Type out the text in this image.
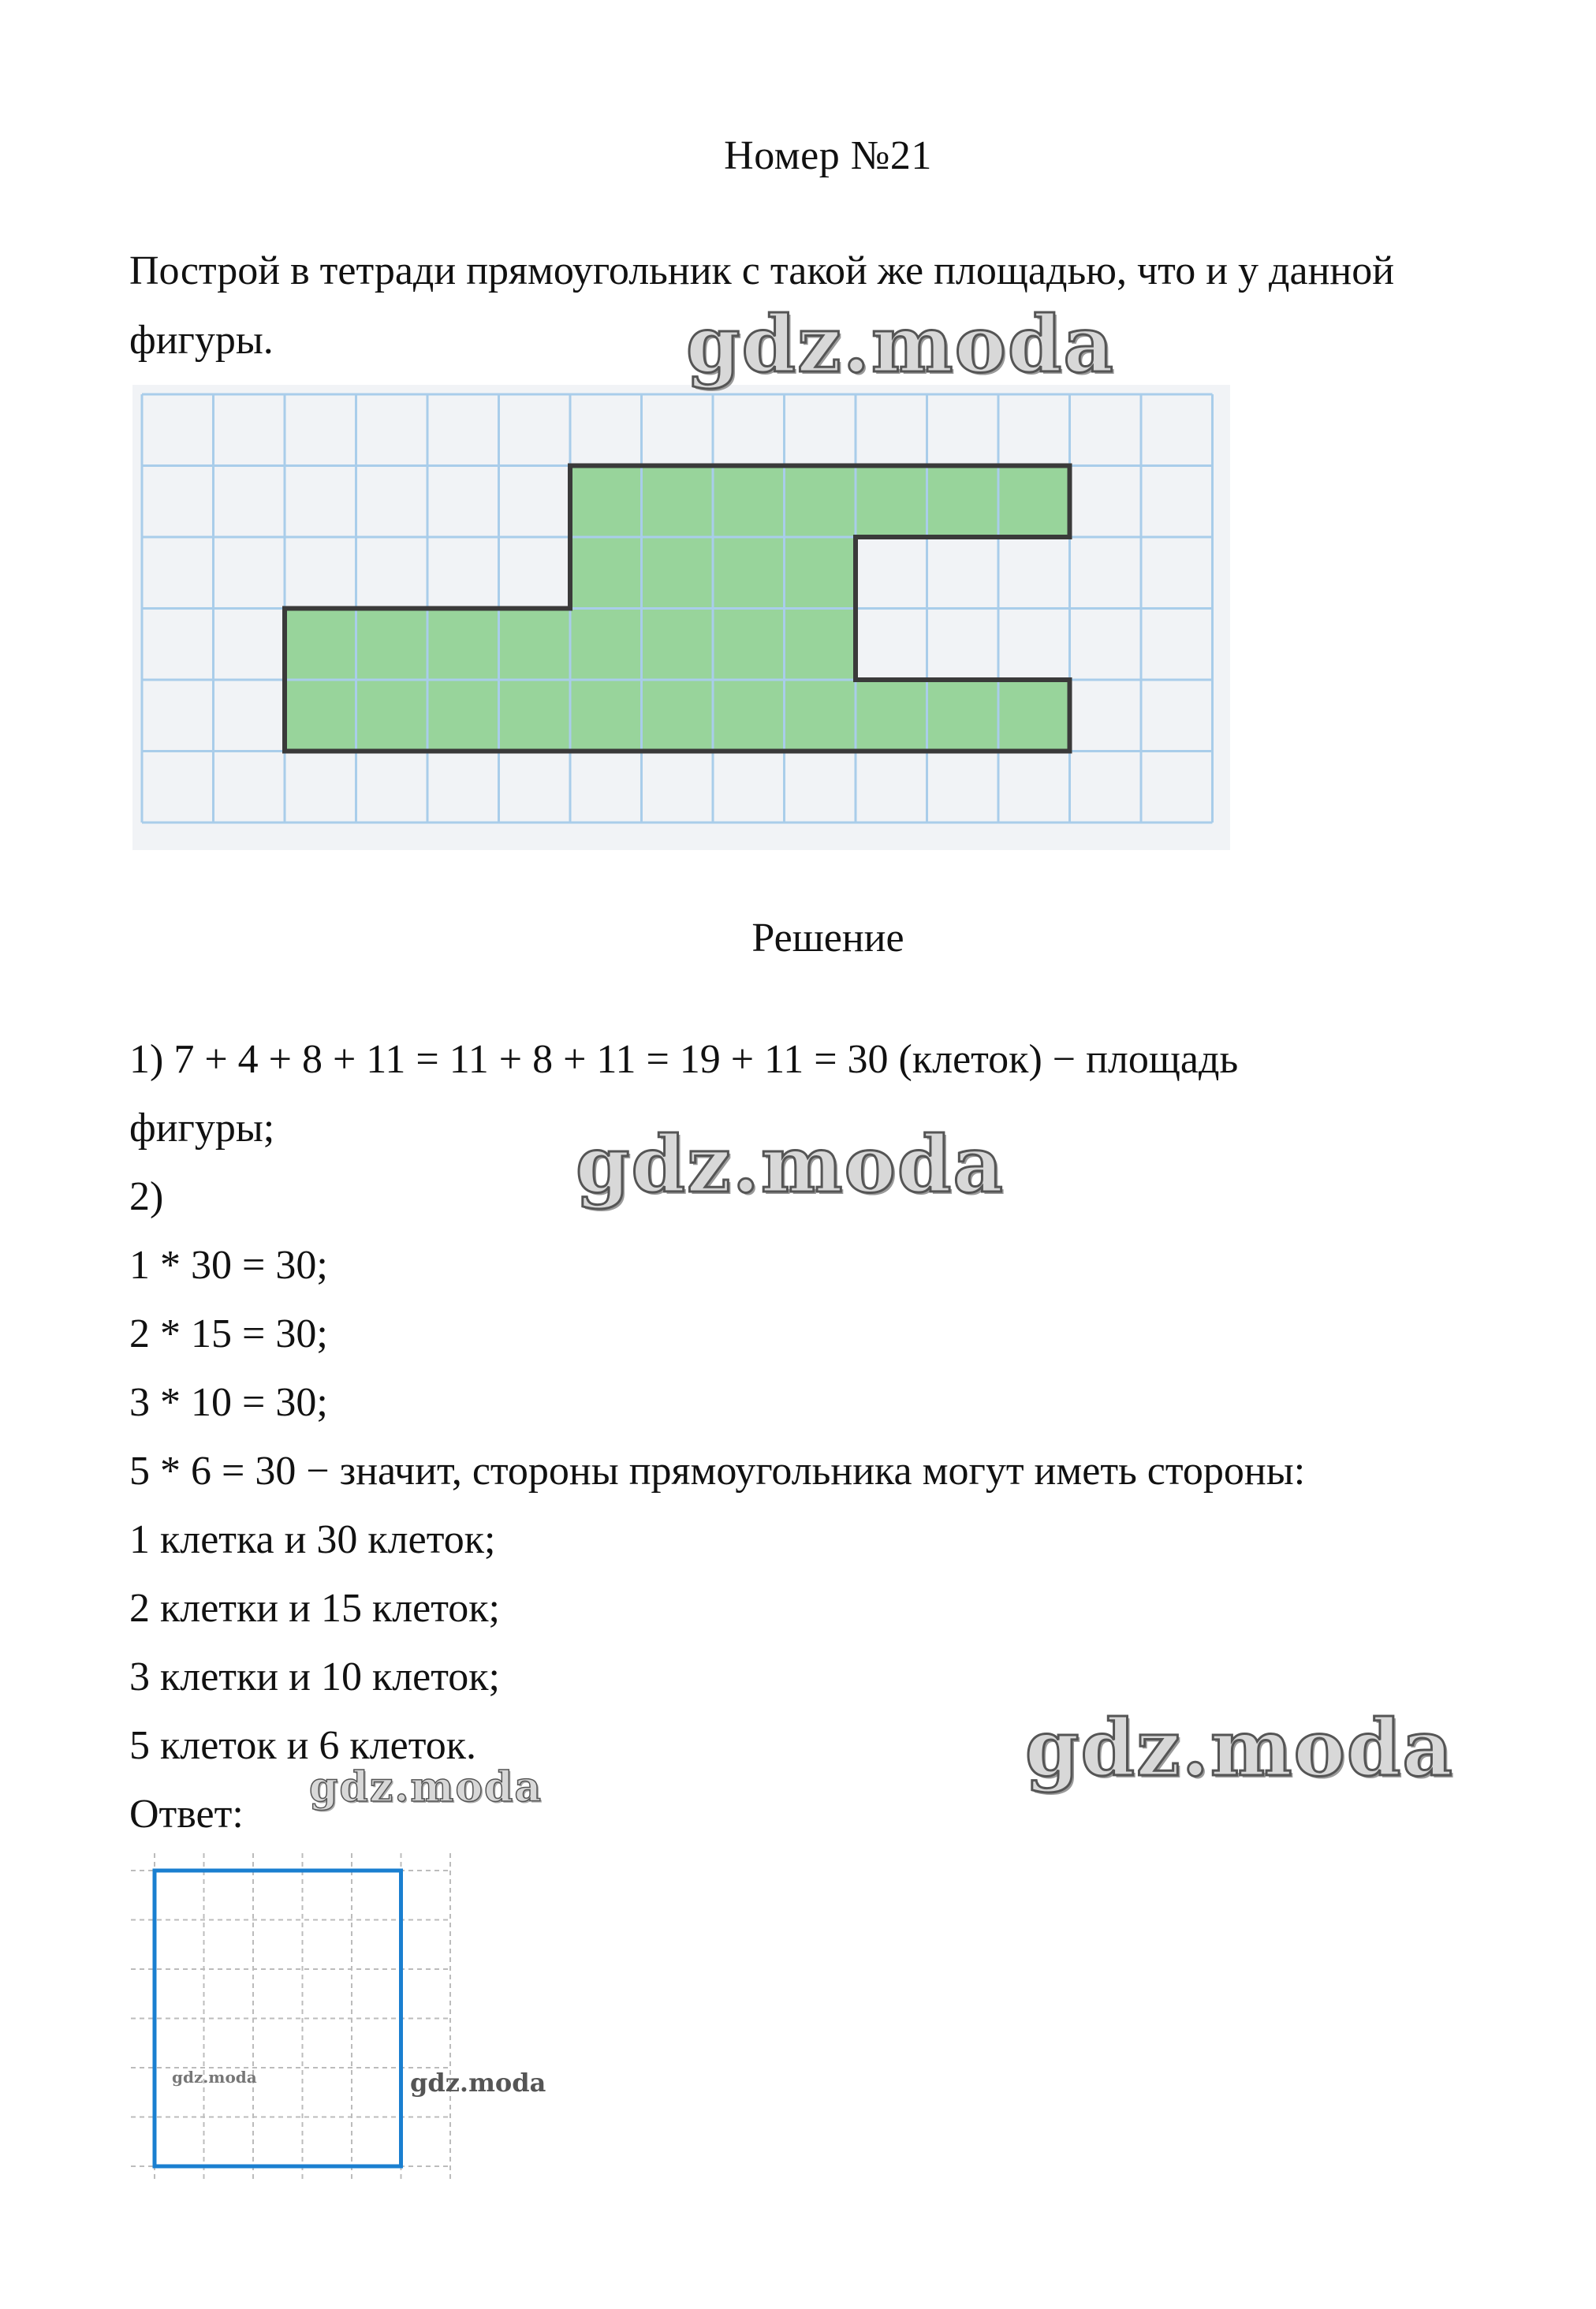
Номер №21
Построй в тетради прямоугольник с такой же площадью, что и у данной фигуры.	gdz.moda
Решение
1) 7 + 4 + 8 + 11 = 11 + 8 + 11 = 19 + 11 = 30 (клеток) − площадь
фигуры;
2)
1 * 30 = 30;
2 * 15 = 30;
3 * 10 = 30;
5 * 6 = 30 − значит, стороны прямоугольника могут иметь стороны:
1 клетка и 30 клеток;
2 клетки и 15 клеток;
3 клетки и 10 клеток;
5 клеток и 6 клеток.
Ответ:
gdz.moda
gdz.moda
gdz.moda
gdz.moda	gdz.moda
